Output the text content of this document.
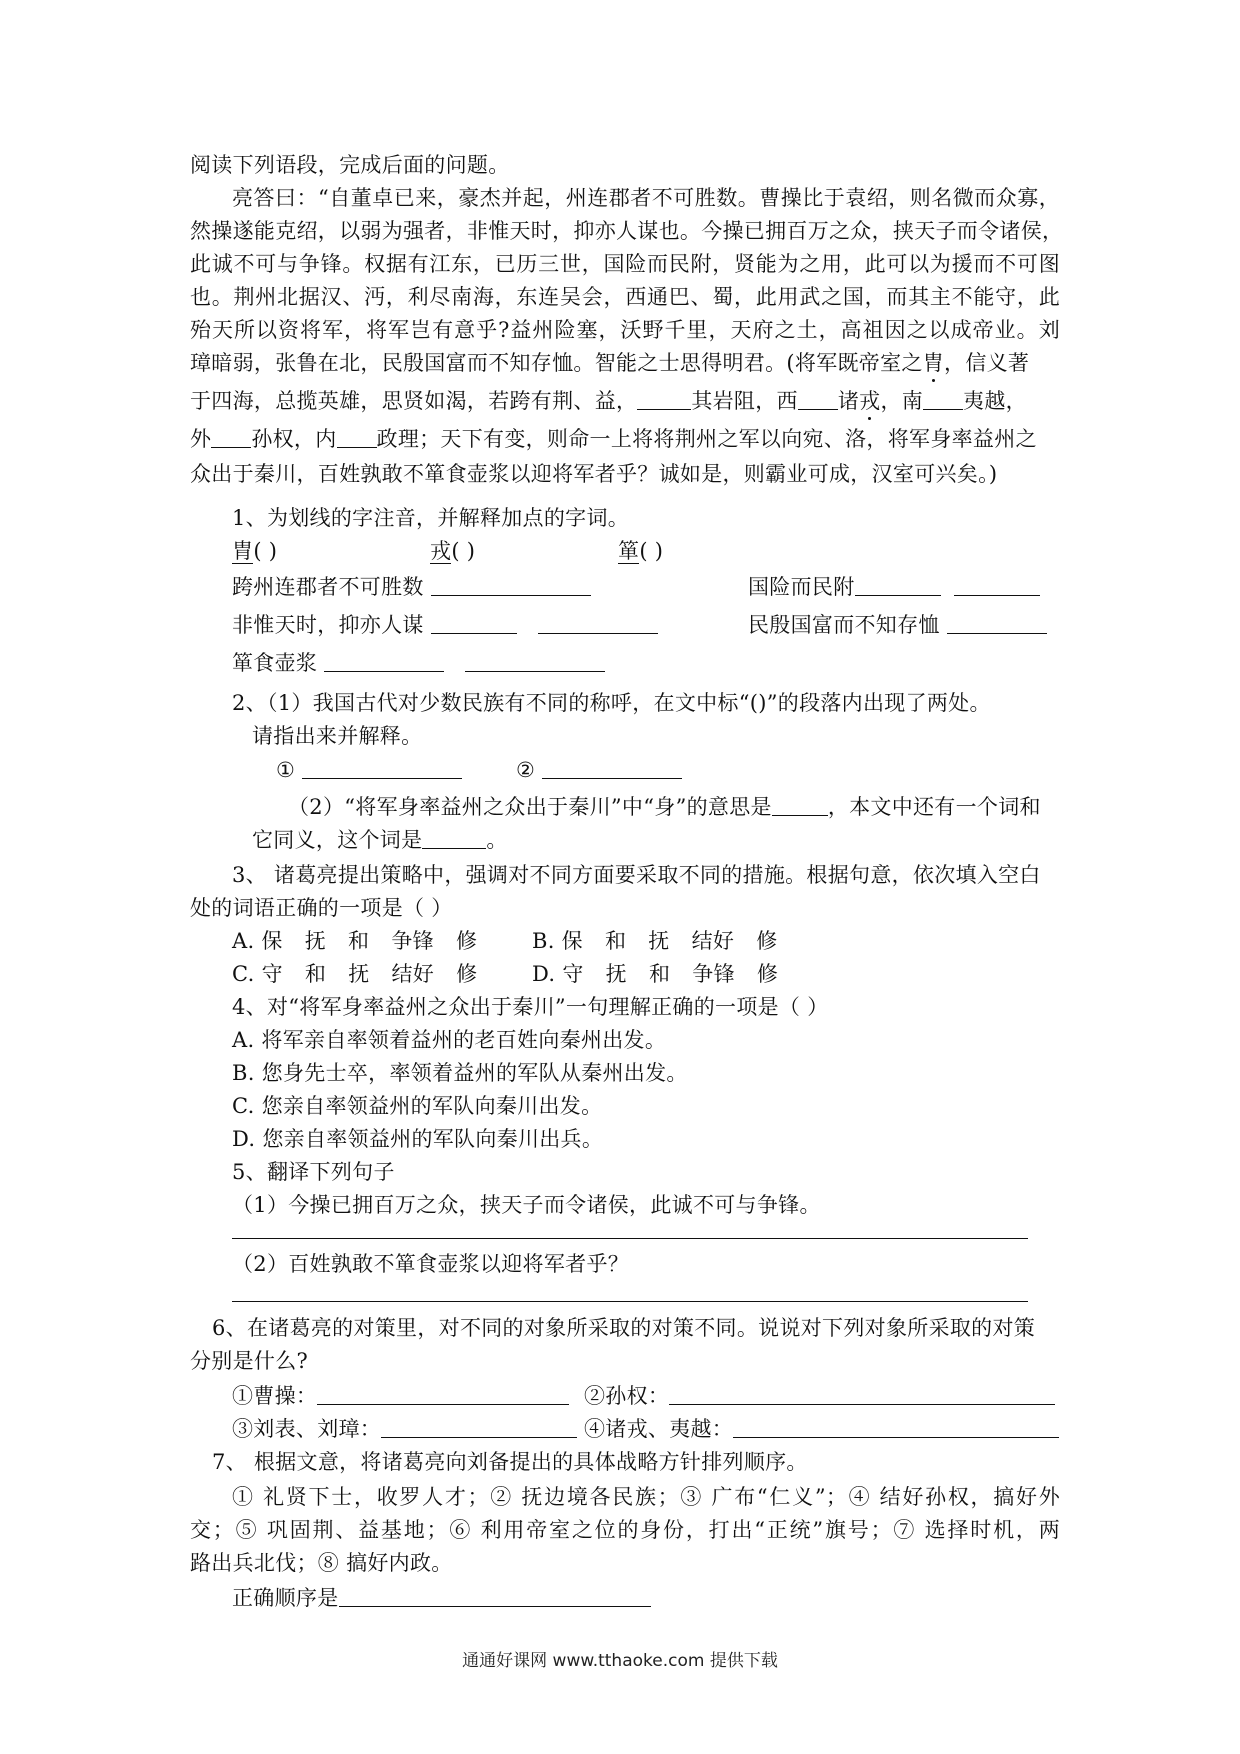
阅读下列语段，完成后面的问题。
亮答曰：“自董卓已来，豪杰并起，州连郡者不可胜数。曹操比于袁绍，则名微而众寡，
然操遂能克绍，以弱为强者，非惟天时，抑亦人谋也。今操已拥百万之众，挟天子而令诸侯，
此诚不可与争锋。权据有江东，已历三世，国险而民附，贤能为之用，此可以为援而不可图
也。荆州北据汉、沔，利尽南海，东连吴会，西通巴、蜀，此用武之国，而其主不能守，此
殆天所以资将军，将军岂有意乎?益州险塞，沃野千里，天府之土，高祖因之以成帝业。刘
璋暗弱，张鲁在北，民殷国富而不知存恤。智能之士思得明君。(将军既帝室之胄，信义著
于四海，总揽英雄，思贤如渴，若跨有荆、益，	其岩阻，西 诸戎，南 夷越，
外 孙权，内 政理；天下有变，则命一上将将荆州之军以向宛、洛，将军身率益州之
众出于秦川，百姓孰敢不箪食壶浆以迎将军者乎？诚如是，则霸业可成，汉室可兴矣。)
1、为划线的字注音，并解释加点的字词。
胄( )	戎( )	箪( )
跨州连郡者不可胜数	国险而民附
非惟天时，抑亦人谋	民殷国富而不知存恤
箪食壶浆
2、（1）我国古代对少数民族有不同的称呼，在文中标“()”的段落内出现了两处。
请指出来并解释。
①	②
（2）“将军身率益州之众出于秦川”中“身”的意思是	，本文中还有一个词和
它同义，这个词是	。
3、 诸葛亮提出策略中，强调对不同方面要采取不同的措施。根据句意，依次填入空白
处的词语正确的一项是（ ）
A. 保 抚 和 争锋 修	B. 保 和 抚 结好 修
C. 守 和 抚 结好 修	D. 守 抚 和 争锋 修
4、对“将军身率益州之众出于秦川”一句理解正确的一项是（ ）
A. 将军亲自率领着益州的老百姓向秦州出发。
B. 您身先士卒，率领着益州的军队从秦州出发。
C. 您亲自率领益州的军队向秦川出发。
D. 您亲自率领益州的军队向秦川出兵。
5、翻译下列句子
（1）今操已拥百万之众，挟天子而令诸侯，此诚不可与争锋。
（2）百姓孰敢不箪食壶浆以迎将军者乎？
6、在诸葛亮的对策里，对不同的对象所采取的对策不同。说说对下列对象所采取的对策
分别是什么?
①曹操：	②孙权：
③刘表、刘璋：	④诸戎、夷越：
7、 根据文意，将诸葛亮向刘备提出的具体战略方针排列顺序。
① 礼贤下士，收罗人才；② 抚边境各民族；③ 广布“仁义”；④ 结好孙权，搞好外
交；⑤ 巩固荆、益基地；⑥ 利用帝室之位的身份，打出“正统”旗号；⑦ 选择时机，两
路出兵北伐；⑧ 搞好内政。
正确顺序是
通通好课网 www.tthaoke.com 提供下载
